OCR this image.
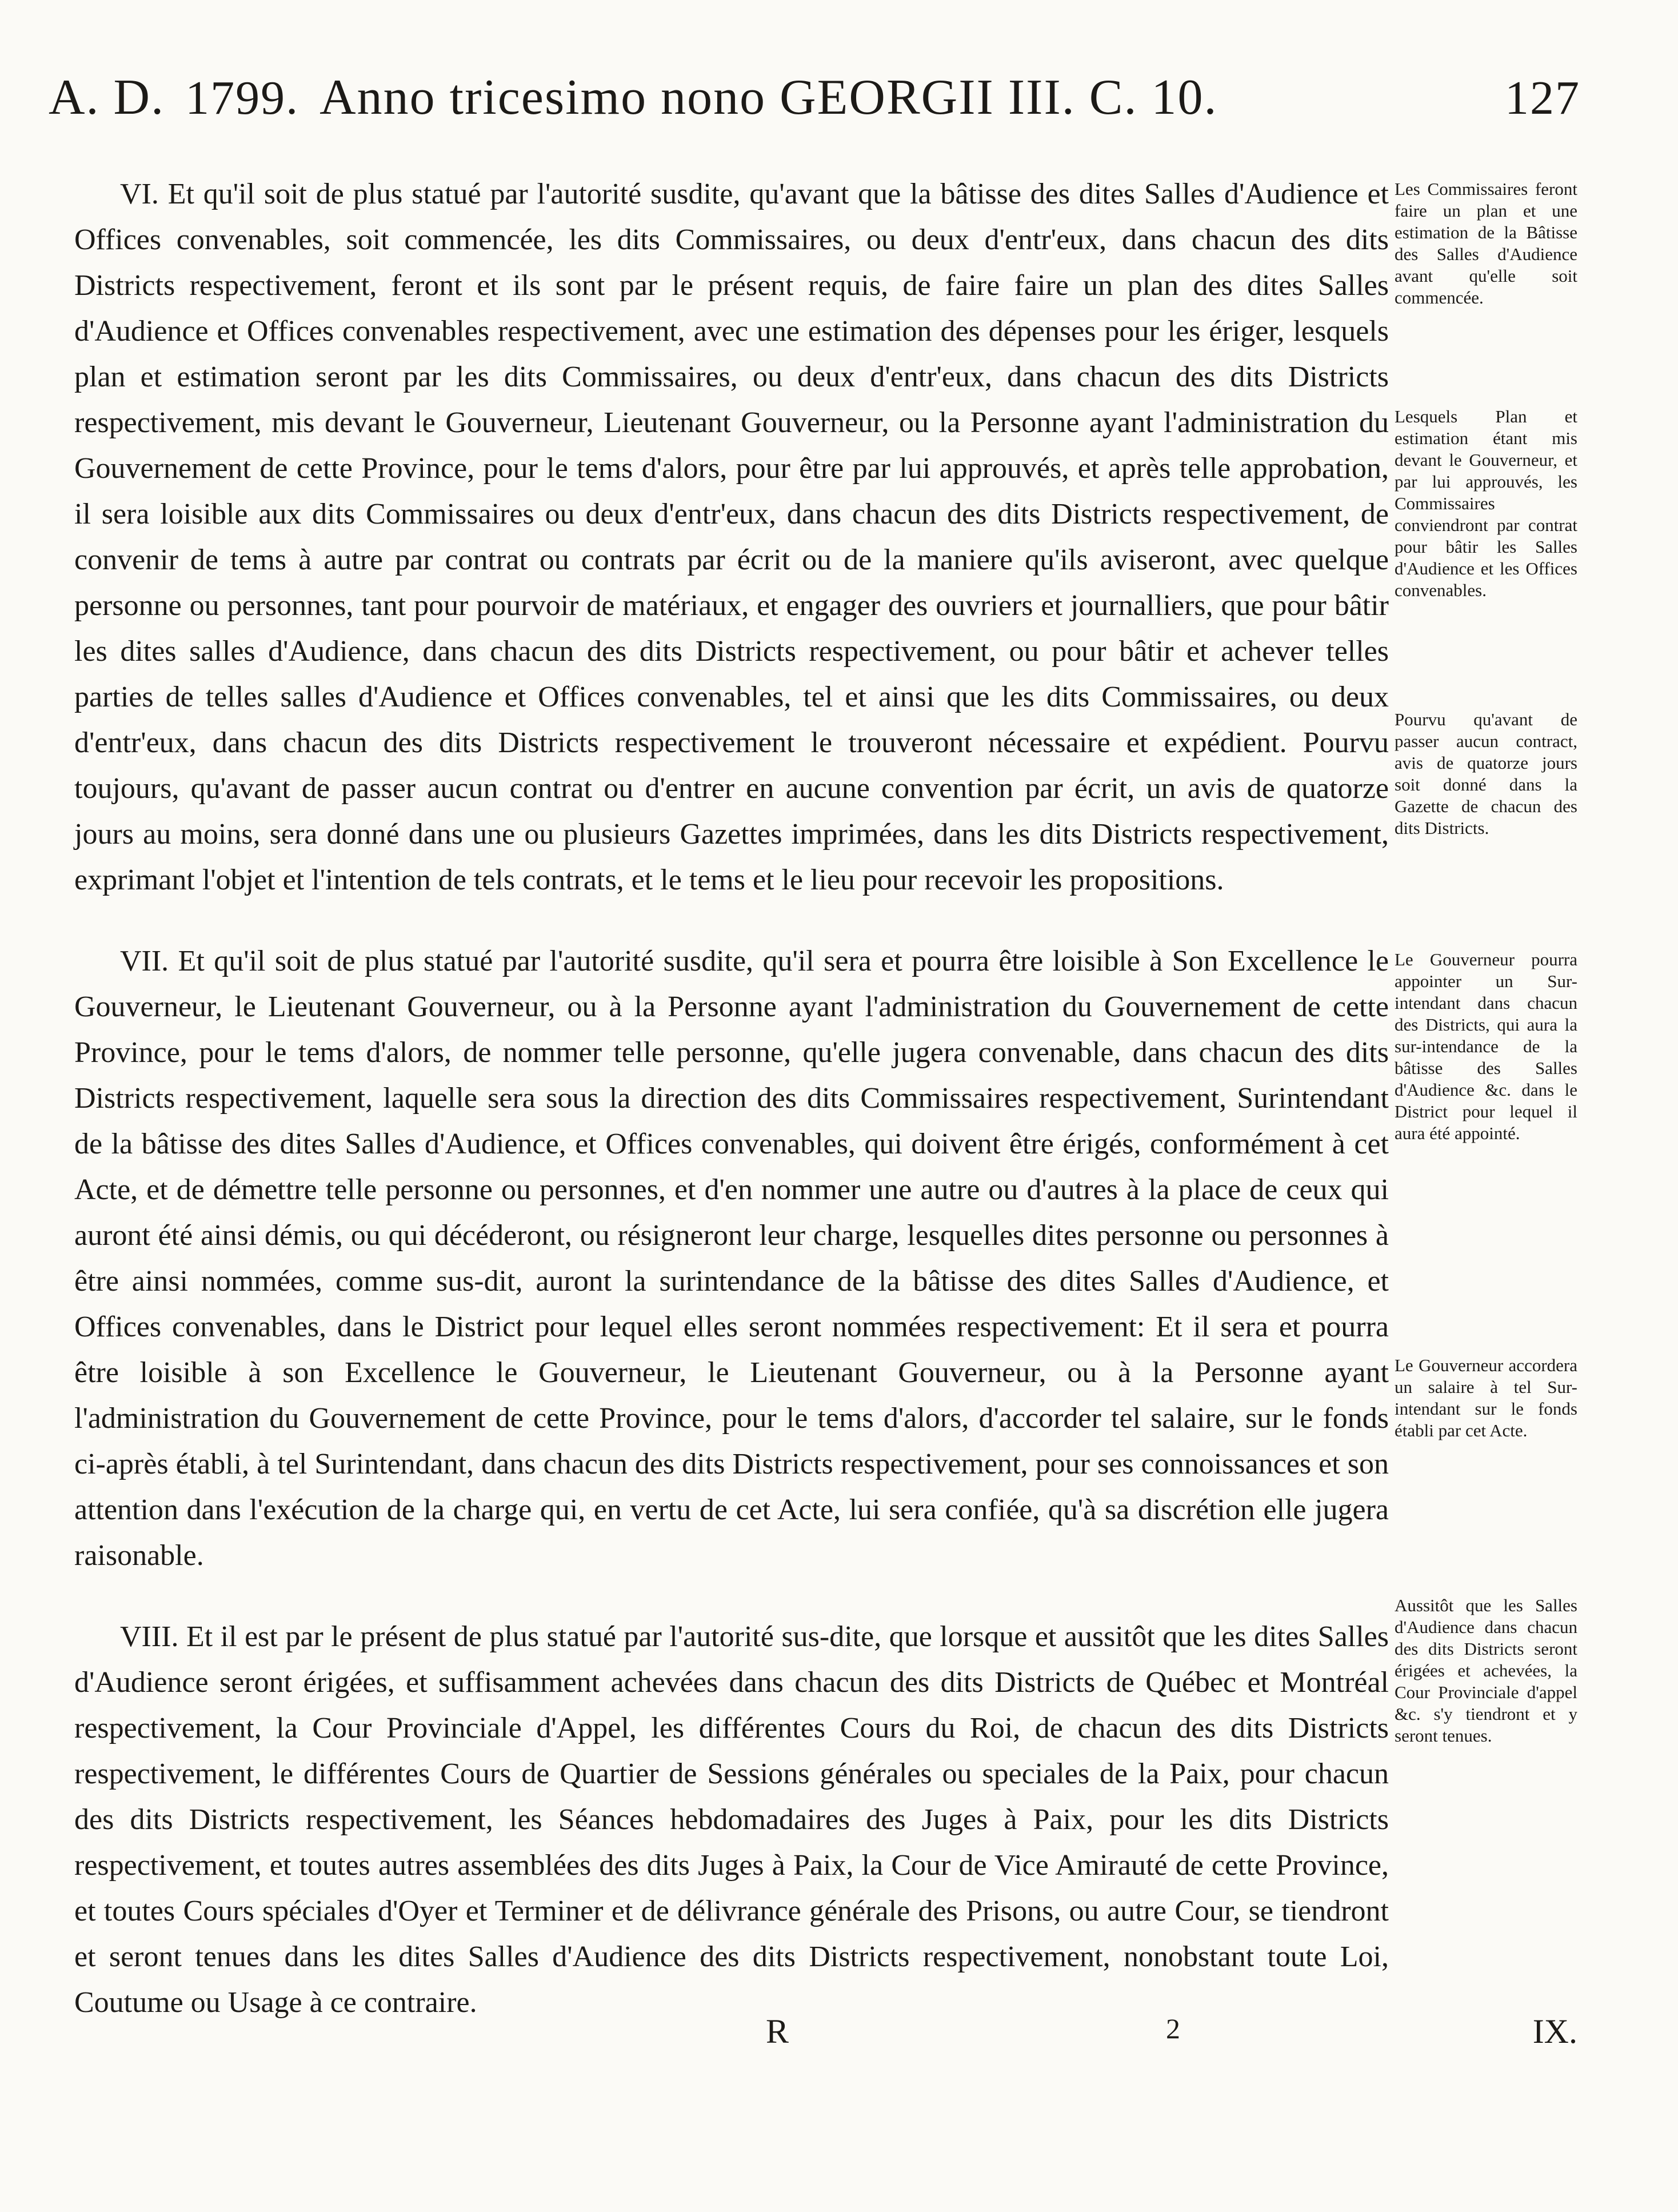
A. D. 1799. Anno tricesimo nono GEORGII III. C. 10.	127

VI. Et qu'il soit de plus statué par l'autorité susdite, qu'avant que la bâtisse des dites Salles d'Audience et Offices convenables, soit commencée, les dits Commissaires, ou deux d'entr'eux, dans chacun des dits Districts respectivement, feront et ils sont par le présent requis, de faire faire un plan des dites Salles d'Audience et Offices convenables respectivement, avec une estimation des dépenses pour les ériger, lesquels plan et estimation seront par les dits Commissaires, ou deux d'entr'eux, dans chacun des dits Districts respectivement, mis devant le Gouverneur, Lieutenant Gouverneur, ou la Personne ayant l'administration du Gouvernement de cette Province, pour le tems d'alors, pour être par lui approuvés, et après telle approbation, il sera loisible aux dits Commissaires ou deux d'entr'eux, dans chacun des dits Districts respectivement, de convenir de tems à autre par contrat ou contrats par écrit ou de la maniere qu'ils aviseront, avec quelque personne ou personnes, tant pour pourvoir de matériaux, et engager des ouvriers et journalliers, que pour bâtir les dites salles d'Audience, dans chacun des dits Districts respectivement, ou pour bâtir et achever telles parties de telles salles d'Audience et Offices convenables, tel et ainsi que les dits Commissaires, ou deux d'entr'eux, dans chacun des dits Districts respectivement le trouveront nécessaire et expédient. Pourvu toujours, qu'avant de passer aucun contrat ou d'entrer en aucune convention par écrit, un avis de quatorze jours au moins, sera donné dans une ou plusieurs Gazettes imprimées, dans les dits Districts respectivement, exprimant l'objet et l'intention de tels contrats, et le tems et le lieu pour recevoir les propositions.

VII. Et qu'il soit de plus statué par l'autorité susdite, qu'il sera et pourra être loisible à Son Excellence le Gouverneur, le Lieutenant Gouverneur, ou à la Personne ayant l'administration du Gouvernement de cette Province, pour le tems d'alors, de nommer telle personne, qu'elle jugera convenable, dans chacun des dits Districts respectivement, laquelle sera sous la direction des dits Commissaires respectivement, Surintendant de la bâtisse des dites Salles d'Audience, et Offices convenables, qui doivent être érigés, conformément à cet Acte, et de démettre telle personne ou personnes, et d'en nommer une autre ou d'autres à la place de ceux qui auront été ainsi démis, ou qui décéderont, ou résigneront leur charge, lesquelles dites personne ou personnes à être ainsi nommées, comme sus-dit, auront la surintendance de la bâtisse des dites Salles d'Audience, et Offices convenables, dans le District pour lequel elles seront nommées respectivement: Et il sera et pourra être loisible à son Excellence le Gouverneur, le Lieutenant Gouverneur, ou à la Personne ayant l'administration du Gouvernement de cette Province, pour le tems d'alors, d'accorder tel salaire, sur le fonds ci-après établi, à tel Surintendant, dans chacun des dits Districts respectivement, pour ses connoissances et son attention dans l'exécution de la charge qui, en vertu de cet Acte, lui sera confiée, qu'à sa discrétion elle jugera raisonable.

VIII. Et il est par le présent de plus statué par l'autorité sus-dite, que lorsque et aussitôt que les dites Salles d'Audience seront érigées, et suffisamment achevées dans chacun des dits Districts de Québec et Montréal respectivement, la Cour Provinciale d'Appel, les différentes Cours du Roi, de chacun des dits Districts respectivement, le différentes Cours de Quartier de Sessions générales ou speciales de la Paix, pour chacun des dits Districts respectivement, les Séances hebdomadaires des Juges à Paix, pour les dits Districts respectivement, et toutes autres assemblées des dits Juges à Paix, la Cour de Vice Amirauté de cette Province, et toutes Cours spéciales d'Oyer et Terminer et de délivrance générale des Prisons, ou autre Cour, se tiendront et seront tenues dans les dites Salles d'Audience des dits Districts respectivement, nonobstant toute Loi, Coutume ou Usage à ce contraire.

Les Commissaires feront faire un plan et une estimation de la Bâtisse des Salles d'Audience avant qu'elle soit commencée.
Lesquels Plan et estimation étant mis devant le Gouverneur, et par lui approuvés, les Commissaires conviendront par contrat pour bâtir les Salles d'Audience et les Offices convenables.
Pourvu qu'avant de passer aucun contract, avis de quatorze jours soit donné dans la Gazette de chacun des dits Districts.
Le Gouverneur pourra appointer un Sur-intendant dans chacun des Districts, qui aura la sur-intendance de la bâtisse des Salles d'Audience &c. dans le District pour lequel il aura été appointé.
Le Gouverneur accordera un salaire à tel Sur-intendant sur le fonds établi par cet Acte.
Aussitôt que les Salles d'Audience dans chacun des dits Districts seront érigées et achevées, la Cour Provinciale d'appel &c. s'y tiendront et y seront tenues.
R	2	IX.
